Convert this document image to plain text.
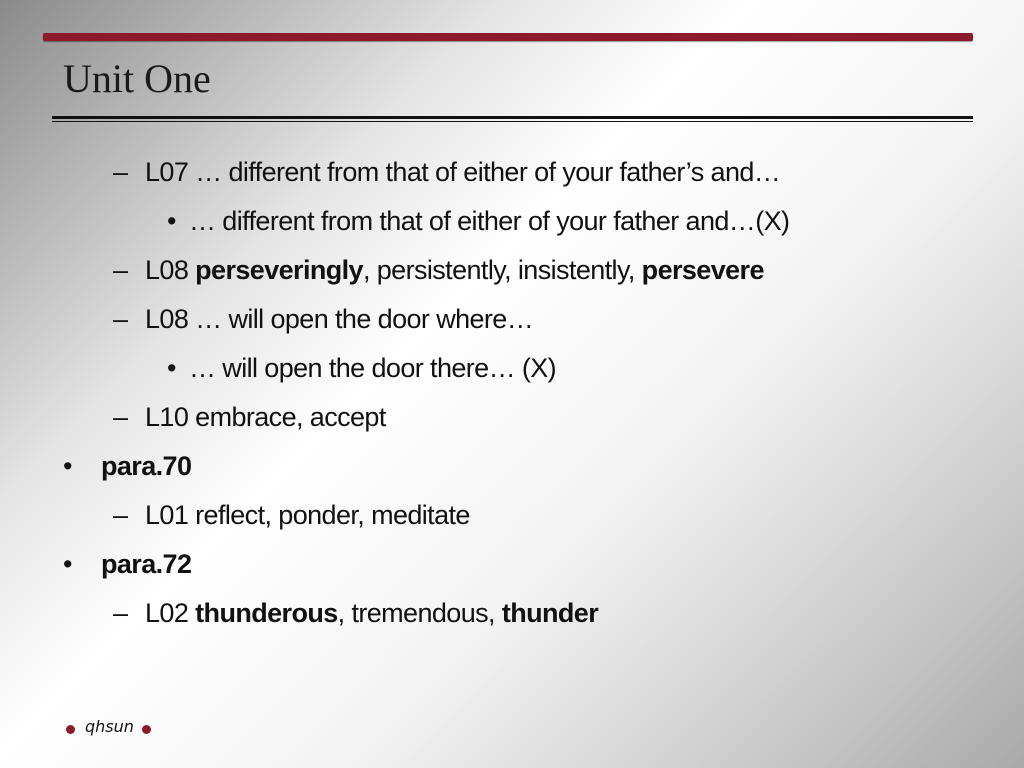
Unit One
– L07 … different from that of either of your father’s and…
• … different from that of either of your father and…(X)
– L08 perseveringly, persistently, insistently, persevere
– L08 … will open the door where…
• … will open the door there… (X)
– L10 embrace, accept
• para.70
– L01 reflect, ponder, meditate
• para.72
– L02 thunderous, tremendous, thunder
qhsun
